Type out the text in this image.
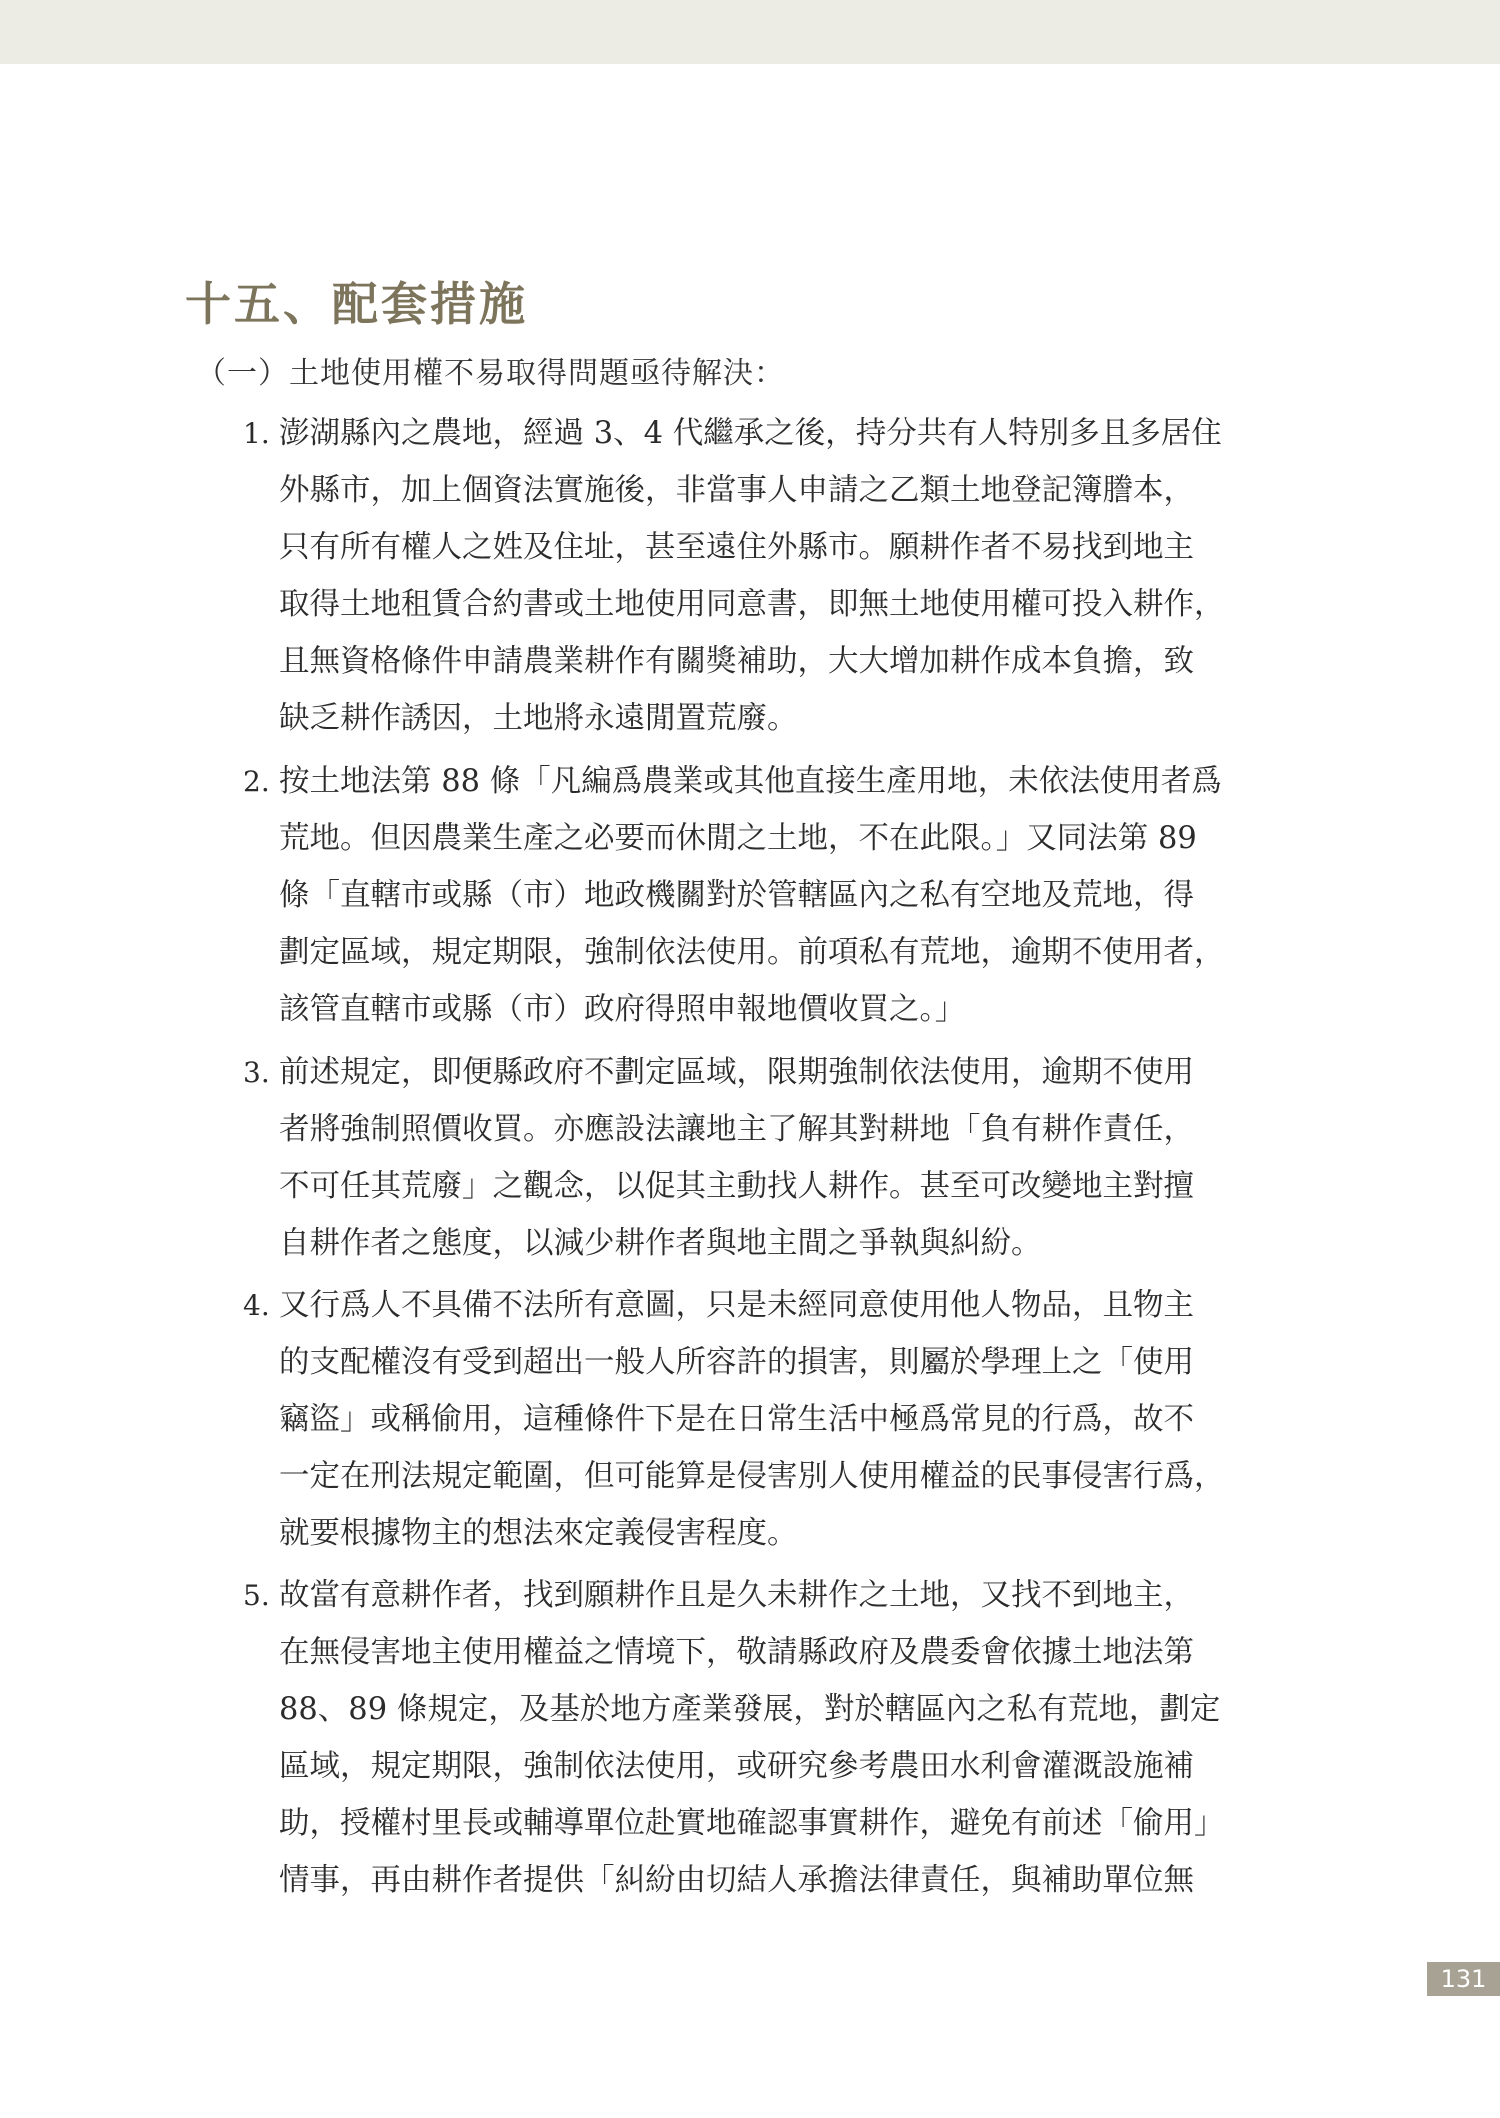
十五、配套措施

（一）土地使用權不易取得問題亟待解決：

1. 澎湖縣內之農地，經過 3、4 代繼承之後，持分共有人特別多且多居住
外縣市，加上個資法實施後，非當事人申請之乙類土地登記簿謄本，
只有所有權人之姓及住址，甚至遠住外縣市。願耕作者不易找到地主
取得土地租賃合約書或土地使用同意書，即無土地使用權可投入耕作，
且無資格條件申請農業耕作有關獎補助，大大增加耕作成本負擔，致
缺乏耕作誘因，土地將永遠閒置荒廢。
2. 按土地法第 88 條「凡編爲農業或其他直接生產用地，未依法使用者爲
荒地。但因農業生產之必要而休閒之土地，不在此限。」又同法第 89
條「直轄市或縣（市）地政機關對於管轄區內之私有空地及荒地，得
劃定區域，規定期限，強制依法使用。前項私有荒地，逾期不使用者，
該管直轄市或縣（市）政府得照申報地價收買之。」
3. 前述規定，即便縣政府不劃定區域，限期強制依法使用，逾期不使用
者將強制照價收買。亦應設法讓地主了解其對耕地「負有耕作責任，
不可任其荒廢」之觀念，以促其主動找人耕作。甚至可改變地主對擅
自耕作者之態度，以減少耕作者與地主間之爭執與糾紛。
4. 又行爲人不具備不法所有意圖，只是未經同意使用他人物品，且物主
的支配權沒有受到超出一般人所容許的損害，則屬於學理上之「使用
竊盜」或稱偷用，這種條件下是在日常生活中極爲常見的行爲，故不
一定在刑法規定範圍，但可能算是侵害別人使用權益的民事侵害行爲，
就要根據物主的想法來定義侵害程度。
5. 故當有意耕作者，找到願耕作且是久未耕作之土地，又找不到地主，
在無侵害地主使用權益之情境下，敬請縣政府及農委會依據土地法第
88、89 條規定，及基於地方產業發展，對於轄區內之私有荒地，劃定
區域，規定期限，強制依法使用，或研究參考農田水利會灌溉設施補
助，授權村里長或輔導單位赴實地確認事實耕作，避免有前述「偷用」
情事，再由耕作者提供「糾紛由切結人承擔法律責任，與補助單位無
131
